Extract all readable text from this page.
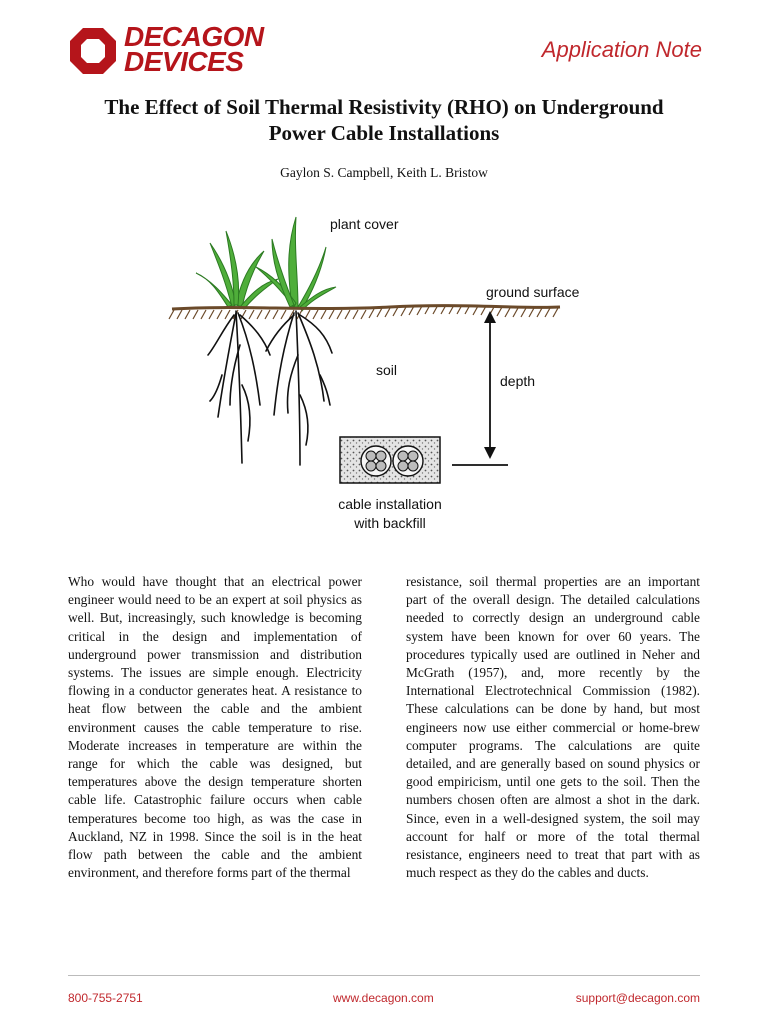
DECAGON
DEVICES	Application Note
The Effect of Soil Thermal Resistivity (RHO) on Underground
Power Cable Installations
Gaylon S. Campbell, Keith L. Bristow
plant cover
ground surface
soil
depth
cable installation
with backfill
Who would have thought that an electrical power engineer would need to be an expert at soil physics as well. But, increasingly, such knowledge is becoming critical in the design and implementation of underground power transmission and distribution systems. The issues are simple enough. Electricity flowing in a conductor generates heat. A resistance to heat flow between the cable and the ambient environment causes the cable temperature to rise. Moderate increases in temperature are within the range for which the cable was designed, but temperatures above the design temperature shorten cable life. Catastrophic failure occurs when cable temperatures become too high, as was the case in Auckland, NZ in 1998. Since the soil is in the heat flow path between the cable and the ambient environment, and therefore forms part of the thermal
resistance, soil thermal properties are an important part of the overall design. The detailed calculations needed to correctly design an underground cable system have been known for over 60 years. The procedures typically used are outlined in Neher and McGrath (1957), and, more recently by the International Electrotechnical Commission (1982). These calculations can be done by hand, but most engineers now use either commercial or home-brew computer programs. The calculations are quite detailed, and are generally based on sound physics or good empiricism, until one gets to the soil. Then the numbers chosen often are almost a shot in the dark. Since, even in a well-designed system, the soil may account for half or more of the total thermal resistance, engineers need to treat that part with as much respect as they do the cables and ducts.
800-755-2751	www.decagon.com	support@decagon.com
